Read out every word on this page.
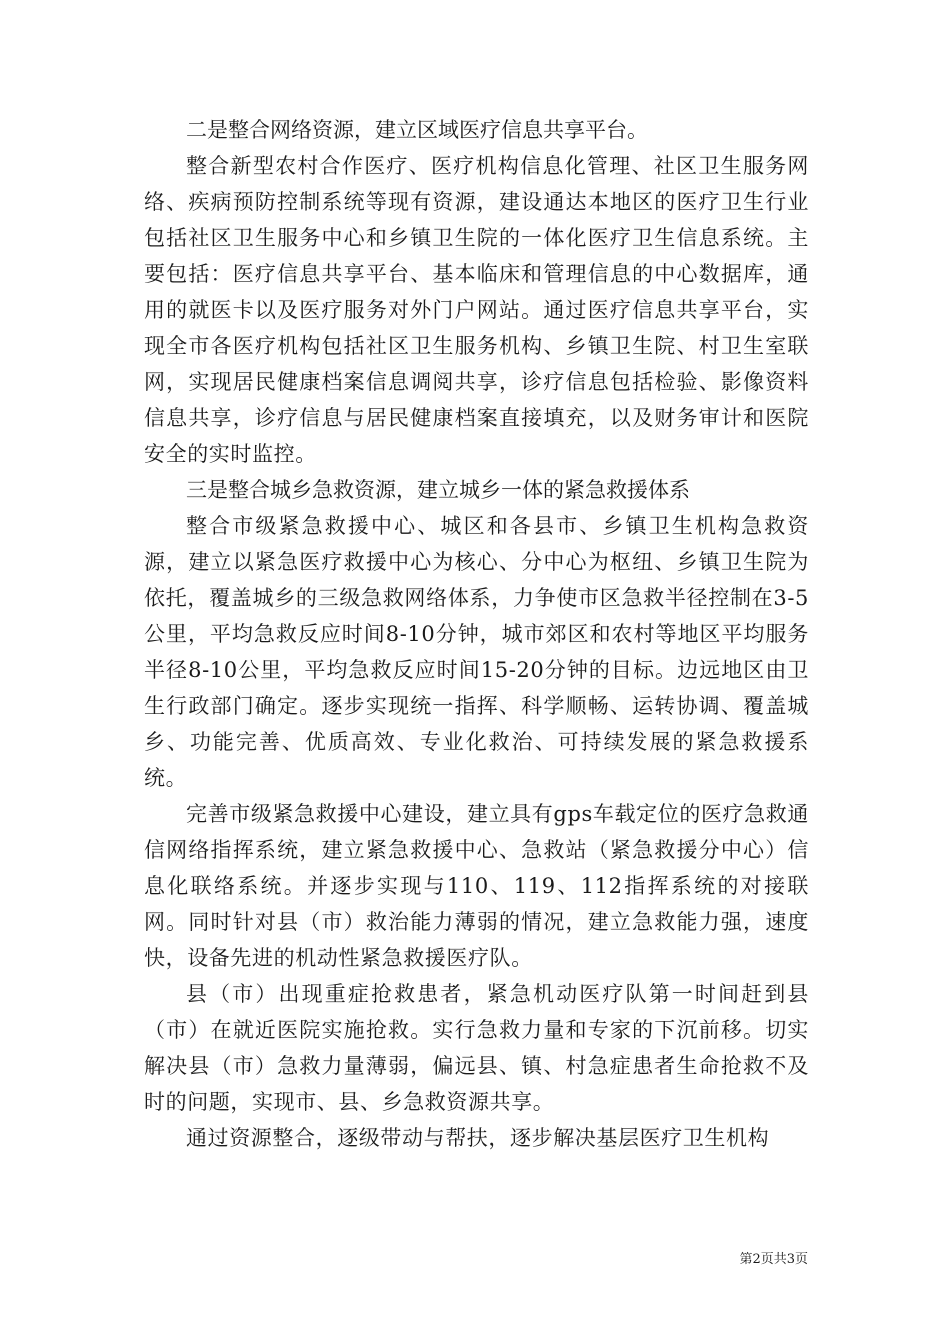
二是整合网络资源，建立区域医疗信息共享平台。

整合新型农村合作医疗、医疗机构信息化管理、社区卫生服务网络、疾病预防控制系统等现有资源，建设通达本地区的医疗卫生行业包括社区卫生服务中心和乡镇卫生院的一体化医疗卫生信息系统。主要包括：医疗信息共享平台、基本临床和管理信息的中心数据库，通用的就医卡以及医疗服务对外门户网站。通过医疗信息共享平台，实现全市各医疗机构包括社区卫生服务机构、乡镇卫生院、村卫生室联网，实现居民健康档案信息调阅共享，诊疗信息包括检验、影像资料信息共享，诊疗信息与居民健康档案直接填充，以及财务审计和医院安全的实时监控。

三是整合城乡急救资源，建立城乡一体的紧急救援体系

整合市级紧急救援中心、城区和各县市、乡镇卫生机构急救资源，建立以紧急医疗救援中心为核心、分中心为枢纽、乡镇卫生院为依托，覆盖城乡的三级急救网络体系，力争使市区急救半径控制在3-5公里，平均急救反应时间8-10分钟，城市郊区和农村等地区平均服务半径8-10公里，平均急救反应时间15-20分钟的目标。边远地区由卫生行政部门确定。逐步实现统一指挥、科学顺畅、运转协调、覆盖城乡、功能完善、优质高效、专业化救治、可持续发展的紧急救援系统。

完善市级紧急救援中心建设，建立具有gps车载定位的医疗急救通信网络指挥系统，建立紧急救援中心、急救站（紧急救援分中心）信息化联络系统。并逐步实现与110、119、112指挥系统的对接联网。同时针对县（市）救治能力薄弱的情况，建立急救能力强，速度快，设备先进的机动性紧急救援医疗队。

县（市）出现重症抢救患者，紧急机动医疗队第一时间赶到县（市）在就近医院实施抢救。实行急救力量和专家的下沉前移。切实解决县（市）急救力量薄弱，偏远县、镇、村急症患者生命抢救不及时的问题，实现市、县、乡急救资源共享。

通过资源整合，逐级带动与帮扶，逐步解决基层医疗卫生机构

第2页共3页
